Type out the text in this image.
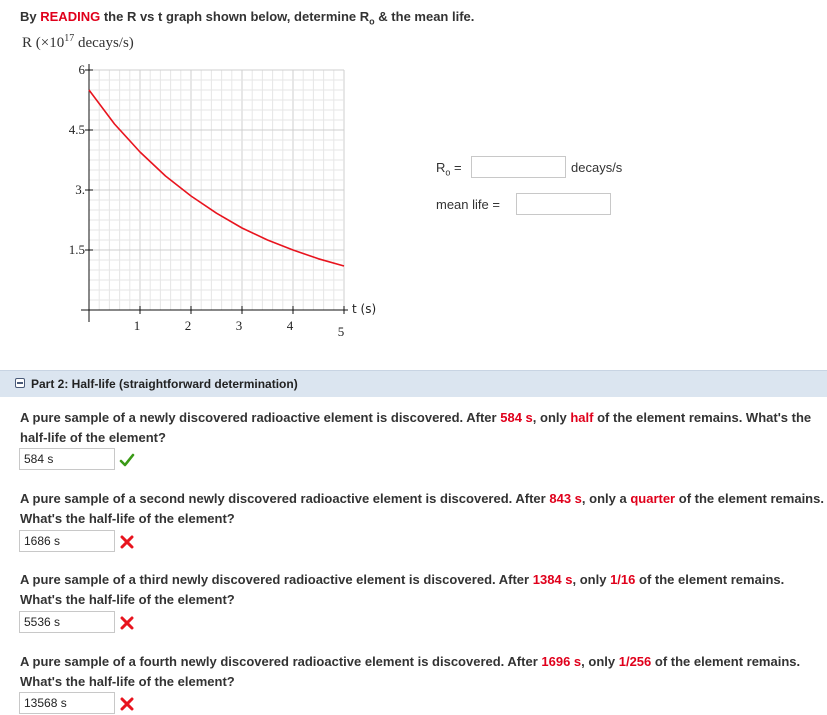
By READING the R vs t graph shown below, determine $R_o$ & the mean life.
R ($\times 10^{17}$ decays/s)
1	2	3	4	5
1.5
3.
4.5
6
t (s)
$R_o$ =	decays/s
mean life =
Part 2: Half-life (straightforward determination)
A pure sample of a newly discovered radioactive element is discovered. After 584 s, only half of the element remains. What's the half-life of the element?
584 s
A pure sample of a second newly discovered radioactive element is discovered. After 843 s, only a quarter of the element remains. What's the half-life of the element?
1686 s
A pure sample of a third newly discovered radioactive element is discovered. After 1384 s, only 1/16 of the element remains. What's the half-life of the element?
5536 s
A pure sample of a fourth newly discovered radioactive element is discovered. After 1696 s, only 1/256 of the element remains. What's the half-life of the element?
13568 s
